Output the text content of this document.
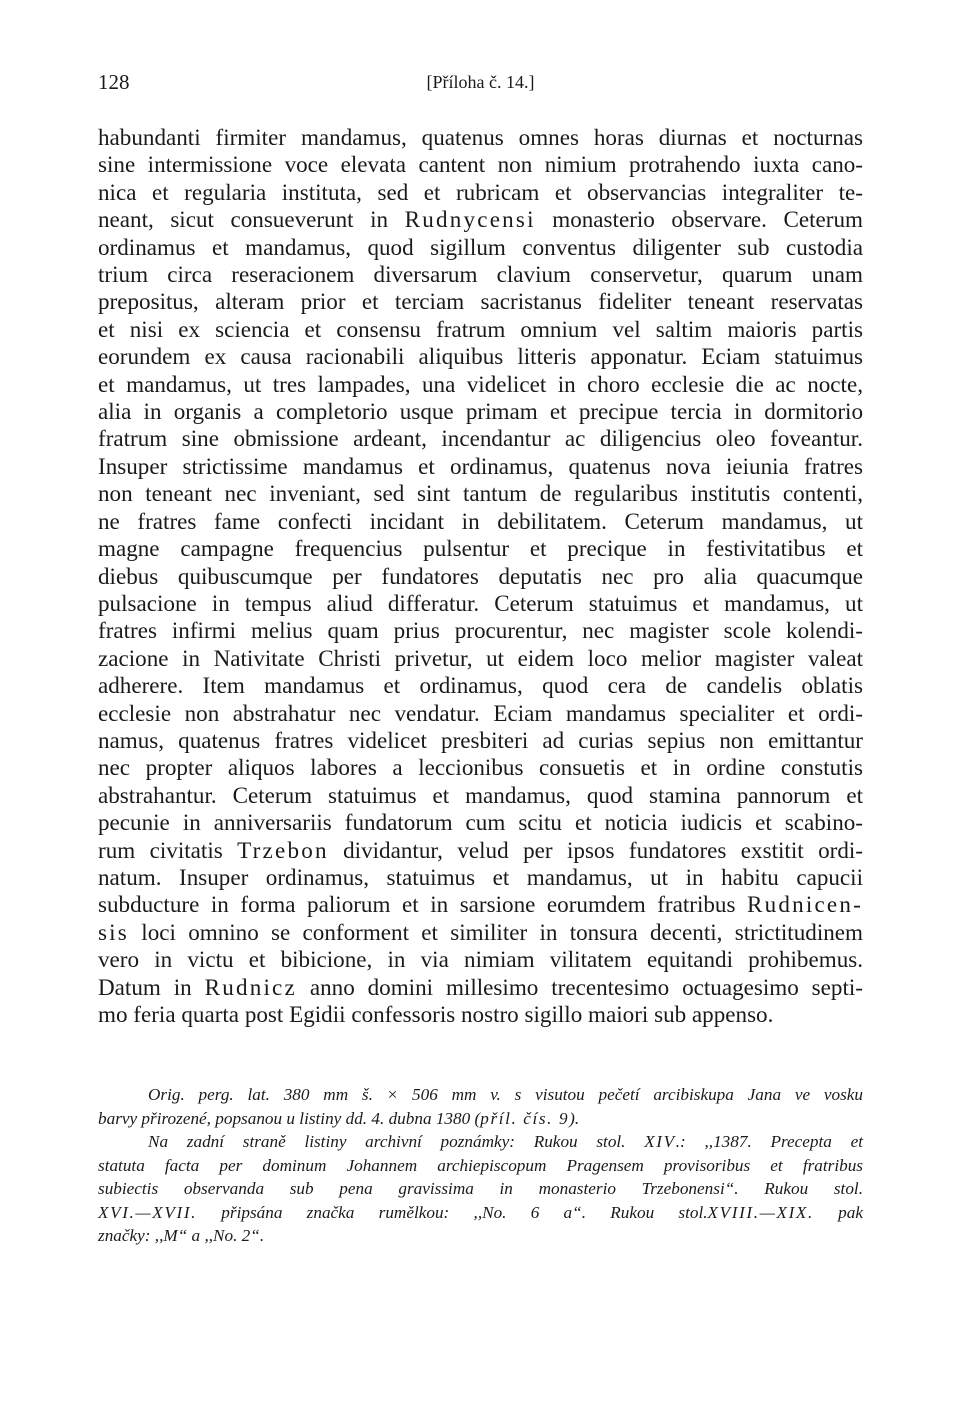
128	[Příloha č. 14.]
habundanti firmiter mandamus, quatenus omnes horas diurnas et nocturnas
sine intermissione voce elevata cantent non nimium protrahendo iuxta cano-
nica et regularia instituta, sed et rubricam et observancias integraliter te-
neant, sicut consueverunt in Rudnycensi monasterio observare. Ceterum
ordinamus et mandamus, quod sigillum conventus diligenter sub custodia
trium circa reseracionem diversarum clavium conservetur, quarum unam
prepositus, alteram prior et terciam sacristanus fideliter teneant reservatas
et nisi ex sciencia et consensu fratrum omnium vel saltim maioris partis
eorundem ex causa racionabili aliquibus litteris apponatur. Eciam statuimus
et mandamus, ut tres lampades, una videlicet in choro ecclesie die ac nocte,
alia in organis a completorio usque primam et precipue tercia in dormitorio
fratrum sine obmissione ardeant, incendantur ac diligencius oleo foveantur.
Insuper strictissime mandamus et ordinamus, quatenus nova ieiunia fratres
non teneant nec inveniant, sed sint tantum de regularibus institutis contenti,
ne fratres fame confecti incidant in debilitatem. Ceterum mandamus, ut
magne campagne frequencius pulsentur et precique in festivitatibus et
diebus quibuscumque per fundatores deputatis nec pro alia quacumque
pulsacione in tempus aliud differatur. Ceterum statuimus et mandamus, ut
fratres infirmi melius quam prius procurentur, nec magister scole kolendi-
zacione in Nativitate Christi privetur, ut eidem loco melior magister valeat
adherere. Item mandamus et ordinamus, quod cera de candelis oblatis
ecclesie non abstrahatur nec vendatur. Eciam mandamus specialiter et ordi-
namus, quatenus fratres videlicet presbiteri ad curias sepius non emittantur
nec propter aliquos labores a leccionibus consuetis et in ordine constutis
abstrahantur. Ceterum statuimus et mandamus, quod stamina pannorum et
pecunie in anniversariis fundatorum cum scitu et noticia iudicis et scabino-
rum civitatis Trzebon dividantur, velud per ipsos fundatores exstitit ordi-
natum. Insuper ordinamus, statuimus et mandamus, ut in habitu capucii
subducture in forma paliorum et in sarsione eorumdem fratribus Rudnicen-
sis loci omnino se conforment et similiter in tonsura decenti, strictitudinem
vero in victu et bibicione, in via nimiam vilitatem equitandi prohibemus.
Datum in Rudnicz anno domini millesimo trecentesimo octuagesimo septi-
mo feria quarta post Egidii confessoris nostro sigillo maiori sub appenso.
Orig. perg. lat. 380 mm š. × 506 mm v. s visutou pečetí arcibiskupa Jana ve vosku
barvy přirozené, popsanou u listiny dd. 4. dubna 1380 (příl. čís. 9).
Na zadní straně listiny archivní poznámky: Rukou stol. XIV.: ,,1387. Precepta et
statuta facta per dominum Johannem archiepiscopum Pragensem provisoribus et fratribus
subiectis observanda sub pena gravissima in monasterio Trzebonensi“. Rukou stol.
XVI.—XVII. připsána značka rumělkou: ,,No. 6 a“. Rukou stol.XVIII.—XIX. pak
značky: ,,M“ a ,,No. 2“.
